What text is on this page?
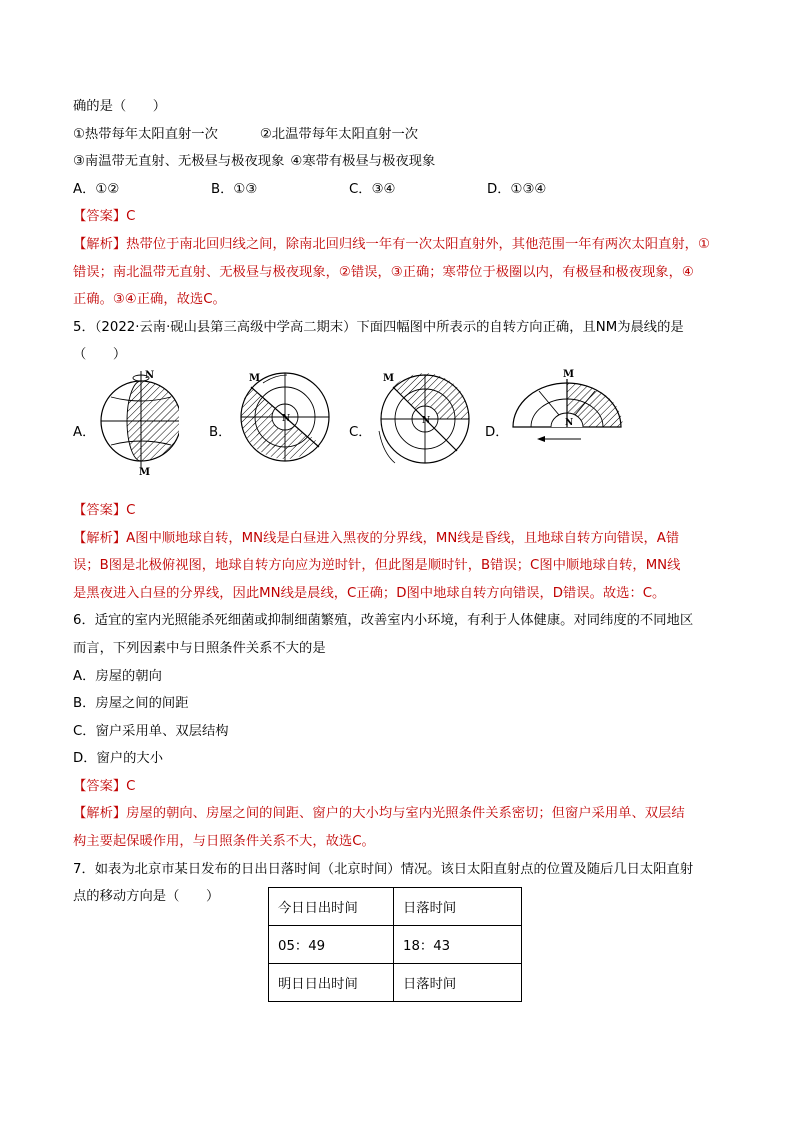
确的是（　　）
①热带每年太阳直射一次	②北温带每年太阳直射一次
③南温带无直射、无极昼与极夜现象 ④寒带有极昼与极夜现象
A．①②	B．①③	C．③④	D．①③④
【答案】C
【解析】热带位于南北回归线之间，除南北回归线一年有一次太阳直射外，其他范围一年有两次太阳直射，①
错误；南北温带无直射、无极昼与极夜现象，②错误，③正确；寒带位于极圈以内，有极昼和极夜现象，④
正确。③④正确，故选C。
5．（2022·云南·砚山县第三高级中学高二期末）下面四幅图中所表示的自转方向正确，且NM为晨线的是
（　　）
A．
N
M
B．
M
N
C．
M
N
D．
M
N
【答案】C
【解析】A图中顺地球自转，MN线是白昼进入黑夜的分界线，MN线是昏线，且地球自转方向错误，A错
误；B图是北极俯视图，地球自转方向应为逆时针，但此图是顺时针，B错误；C图中顺地球自转，MN线
是黑夜进入白昼的分界线，因此MN线是晨线，C正确；D图中地球自转方向错误，D错误。故选：C。
6．适宜的室内光照能杀死细菌或抑制细菌繁殖，改善室内小环境，有利于人体健康。对同纬度的不同地区
而言，下列因素中与日照条件关系不大的是
A．房屋的朝向
B．房屋之间的间距
C．窗户采用单、双层结构
D．窗户的大小
【答案】C
【解析】房屋的朝向、房屋之间的间距、窗户的大小均与室内光照条件关系密切；但窗户采用单、双层结
构主要起保暖作用，与日照条件关系不大，故选C。
7．如表为北京市某日发布的日出日落时间（北京时间）情况。该日太阳直射点的位置及随后几日太阳直射
点的移动方向是（　　）
今日日出时间	日落时间
05：49	18：43
明日日出时间	日落时间
